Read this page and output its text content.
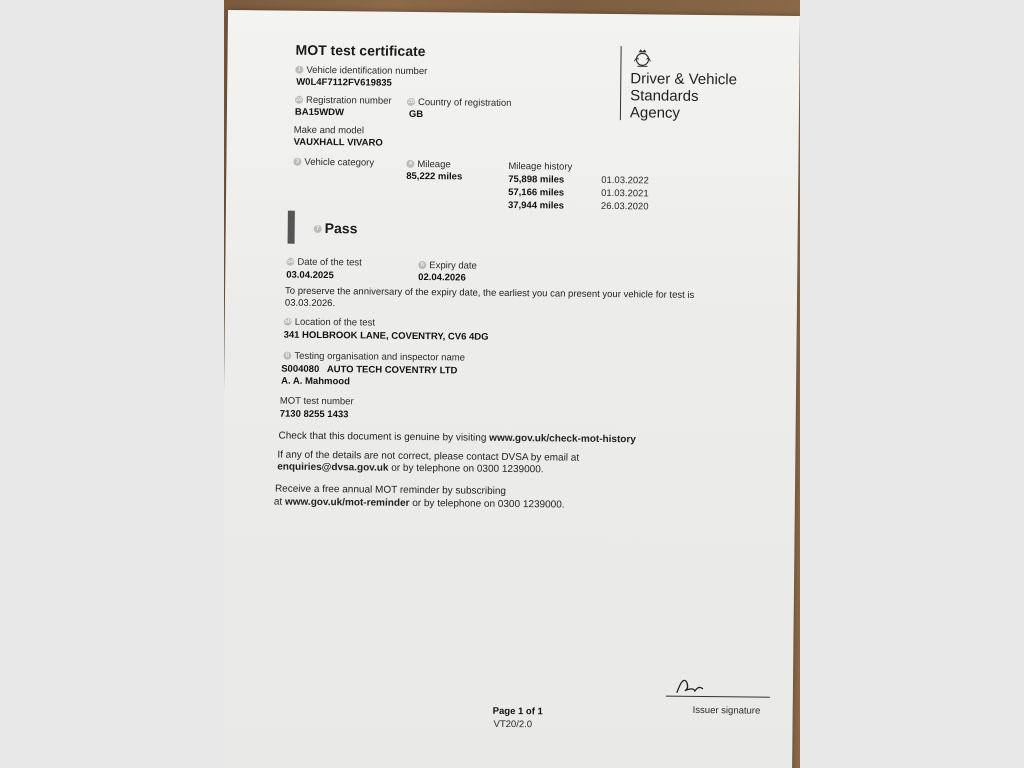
MOT test certificate
Driver & Vehicle
Standards
Agency
1 Vehicle identification number
W0L4F7112FV619835
2a Registration number
BA15WDW
2b Country of registration
GB
Make and model
VAUXHALL VIVARO
3 Vehicle category	4 Mileage
85,222 miles
Mileage history
75,898 miles	01.03.2022
57,166 miles	01.03.2021
37,944 miles	26.03.2020
7 Pass
5a Date of the test
03.04.2025
6 Expiry date
02.04.2026
To preserve the anniversary of the expiry date, the earliest you can present your vehicle for test is
03.03.2026.
5b Location of the test
341 HOLBROOK LANE, COVENTRY, CV6 4DG
8 Testing organisation and inspector name
S004080   AUTO TECH COVENTRY LTD
A. A. Mahmood
MOT test number
7130 8255 1433
Check that this document is genuine by visiting www.gov.uk/check-mot-history
If any of the details are not correct, please contact DVSA by email at
enquiries@dvsa.gov.uk or by telephone on 0300 1239000.
Receive a free annual MOT reminder by subscribing
at www.gov.uk/mot-reminder or by telephone on 0300 1239000.
Issuer signature
Page 1 of 1
VT20/2.0
